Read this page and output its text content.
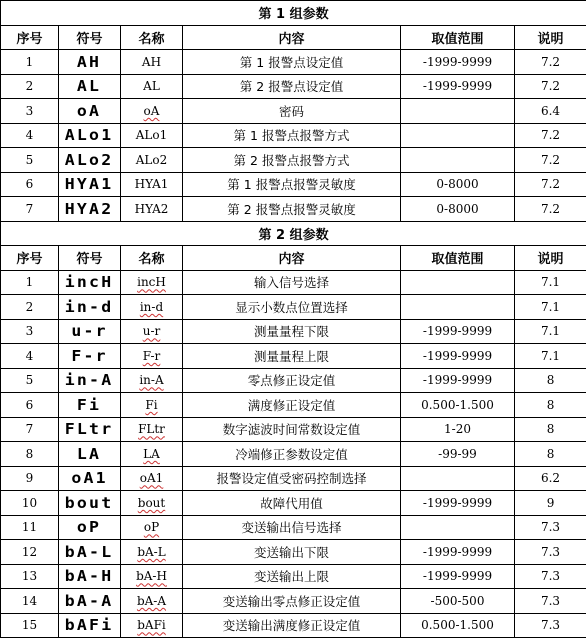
第 1 组参数					
序号	符号	名称	内容	取值范围	说明
1	AH	AH	第 1 报警点设定值	-1999-9999	7.2
2	AL	AL	第 2 报警点设定值	-1999-9999	7.2
3	oA	oA	密码		6.4
4	ALo1	ALo1	第 1 报警点报警方式		7.2
5	ALo2	ALo2	第 2 报警点报警方式		7.2
6	HYA1	HYA1	第 1 报警点报警灵敏度	0-8000	7.2
7	HYA2	HYA2	第 2 报警点报警灵敏度	0-8000	7.2
第 2 组参数					
序号	符号	名称	内容	取值范围	说明
1	incH	incH	输入信号选择		7.1
2	in-d	in-d	显示小数点位置选择		7.1
3	u-r	u-r	测量量程下限	-1999-9999	7.1
4	F-r	F-r	测量量程上限	-1999-9999	7.1
5	in-A	in-A	零点修正设定值	-1999-9999	8
6	Fi	Fi	满度修正设定值	0.500-1.500	8
7	FLtr	FLtr	数字滤波时间常数设定值	1-20	8
8	LA	LA	冷端修正参数设定值	-99-99	8
9	oA1	oA1	报警设定值受密码控制选择		6.2
10	bout	bout	故障代用值	-1999-9999	9
11	oP	oP	变送输出信号选择		7.3
12	bA-L	bA-L	变送输出下限	-1999-9999	7.3
13	bA-H	bA-H	变送输出上限	-1999-9999	7.3
14	bA-A	bA-A	变送输出零点修正设定值	-500-500	7.3
15	bAFi	bAFi	变送输出满度修正设定值	0.500-1.500	7.3
